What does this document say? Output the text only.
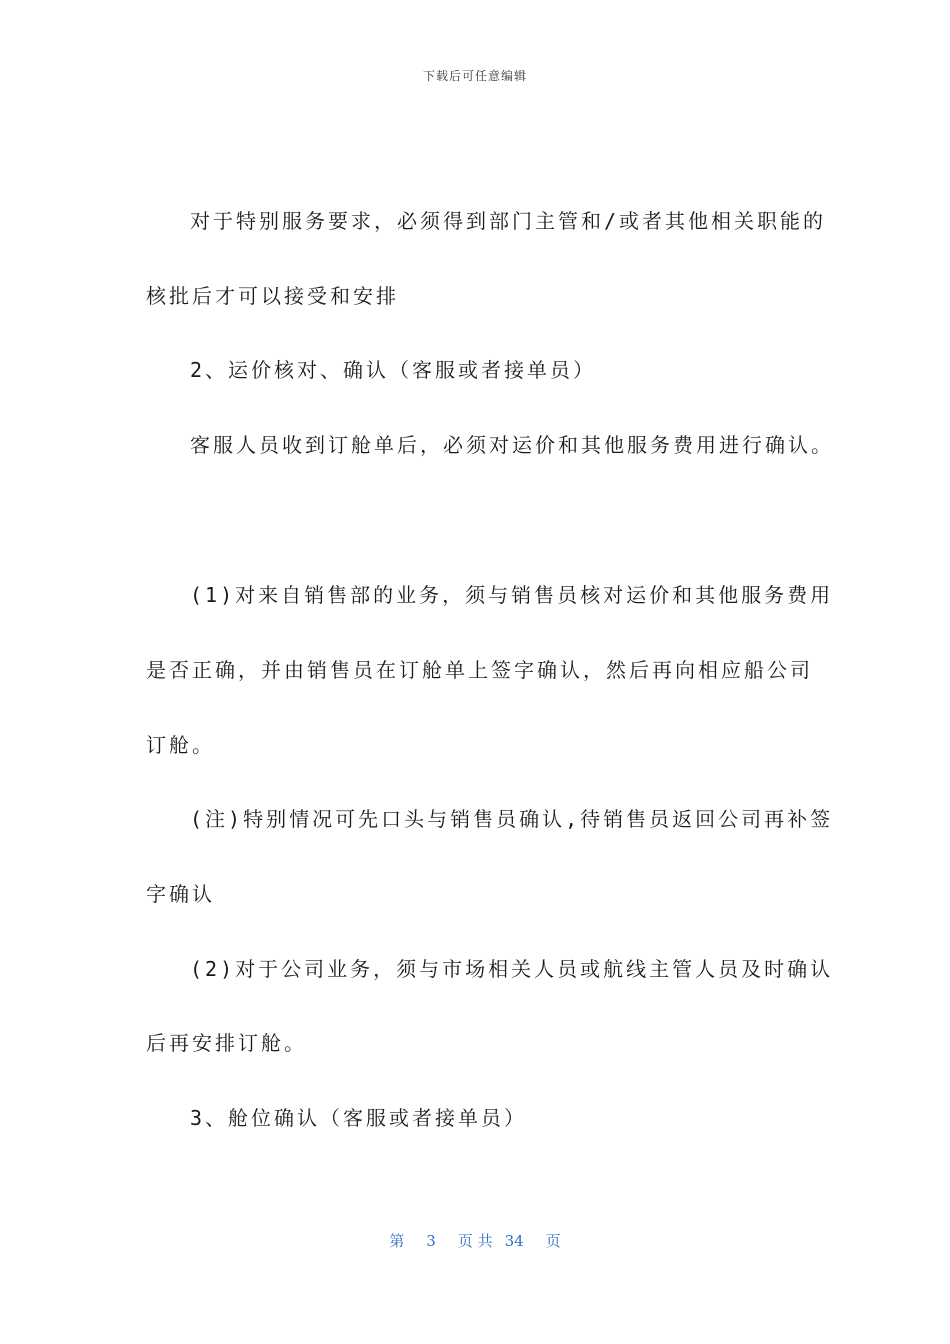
下载后可任意编辑
对于特别服务要求，必须得到部门主管和/或者其他相关职能的
核批后才可以接受和安排
2、运价核对、确认（客服或者接单员）
客服人员收到订舱单后，必须对运价和其他服务费用进行确认。
(1)对来自销售部的业务，须与销售员核对运价和其他服务费用
是否正确，并由销售员在订舱单上签字确认，然后再向相应船公司
订舱。
(注)特别情况可先口头与销售员确认,待销售员返回公司再补签
字确认
(2)对于公司业务，须与市场相关人员或航线主管人员及时确认
后再安排订舱。
3、舱位确认（客服或者接单员）
第 3 页 共 34 页
